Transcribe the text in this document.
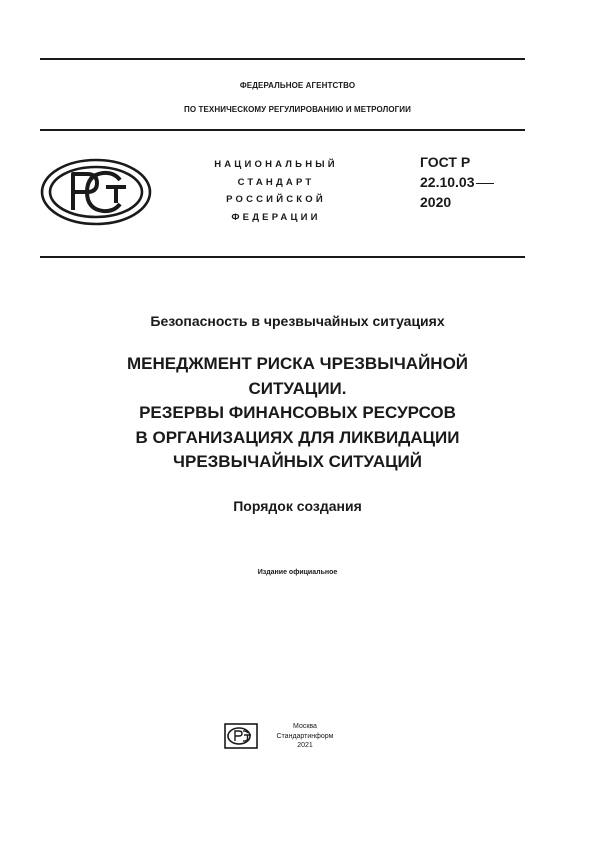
ФЕДЕРАЛЬНОЕ АГЕНТСТВО
ПО ТЕХНИЧЕСКОМУ РЕГУЛИРОВАНИЮ И МЕТРОЛОГИИ
НАЦИОНАЛЬНЫЙ
СТАНДАРТ
РОССИЙСКОЙ
ФЕДЕРАЦИИ
ГОСТ Р
22.10.03
2020
Безопасность в чрезвычайных ситуациях
МЕНЕДЖМЕНТ РИСКА ЧРЕЗВЫЧАЙНОЙ
СИТУАЦИИ.
РЕЗЕРВЫ ФИНАНСОВЫХ РЕСУРСОВ
В ОРГАНИЗАЦИЯХ ДЛЯ ЛИКВИДАЦИИ
ЧРЕЗВЫЧАЙНЫХ СИТУАЦИЙ
Порядок создания
Издание официальное
Москва
Стандартинформ
2021
